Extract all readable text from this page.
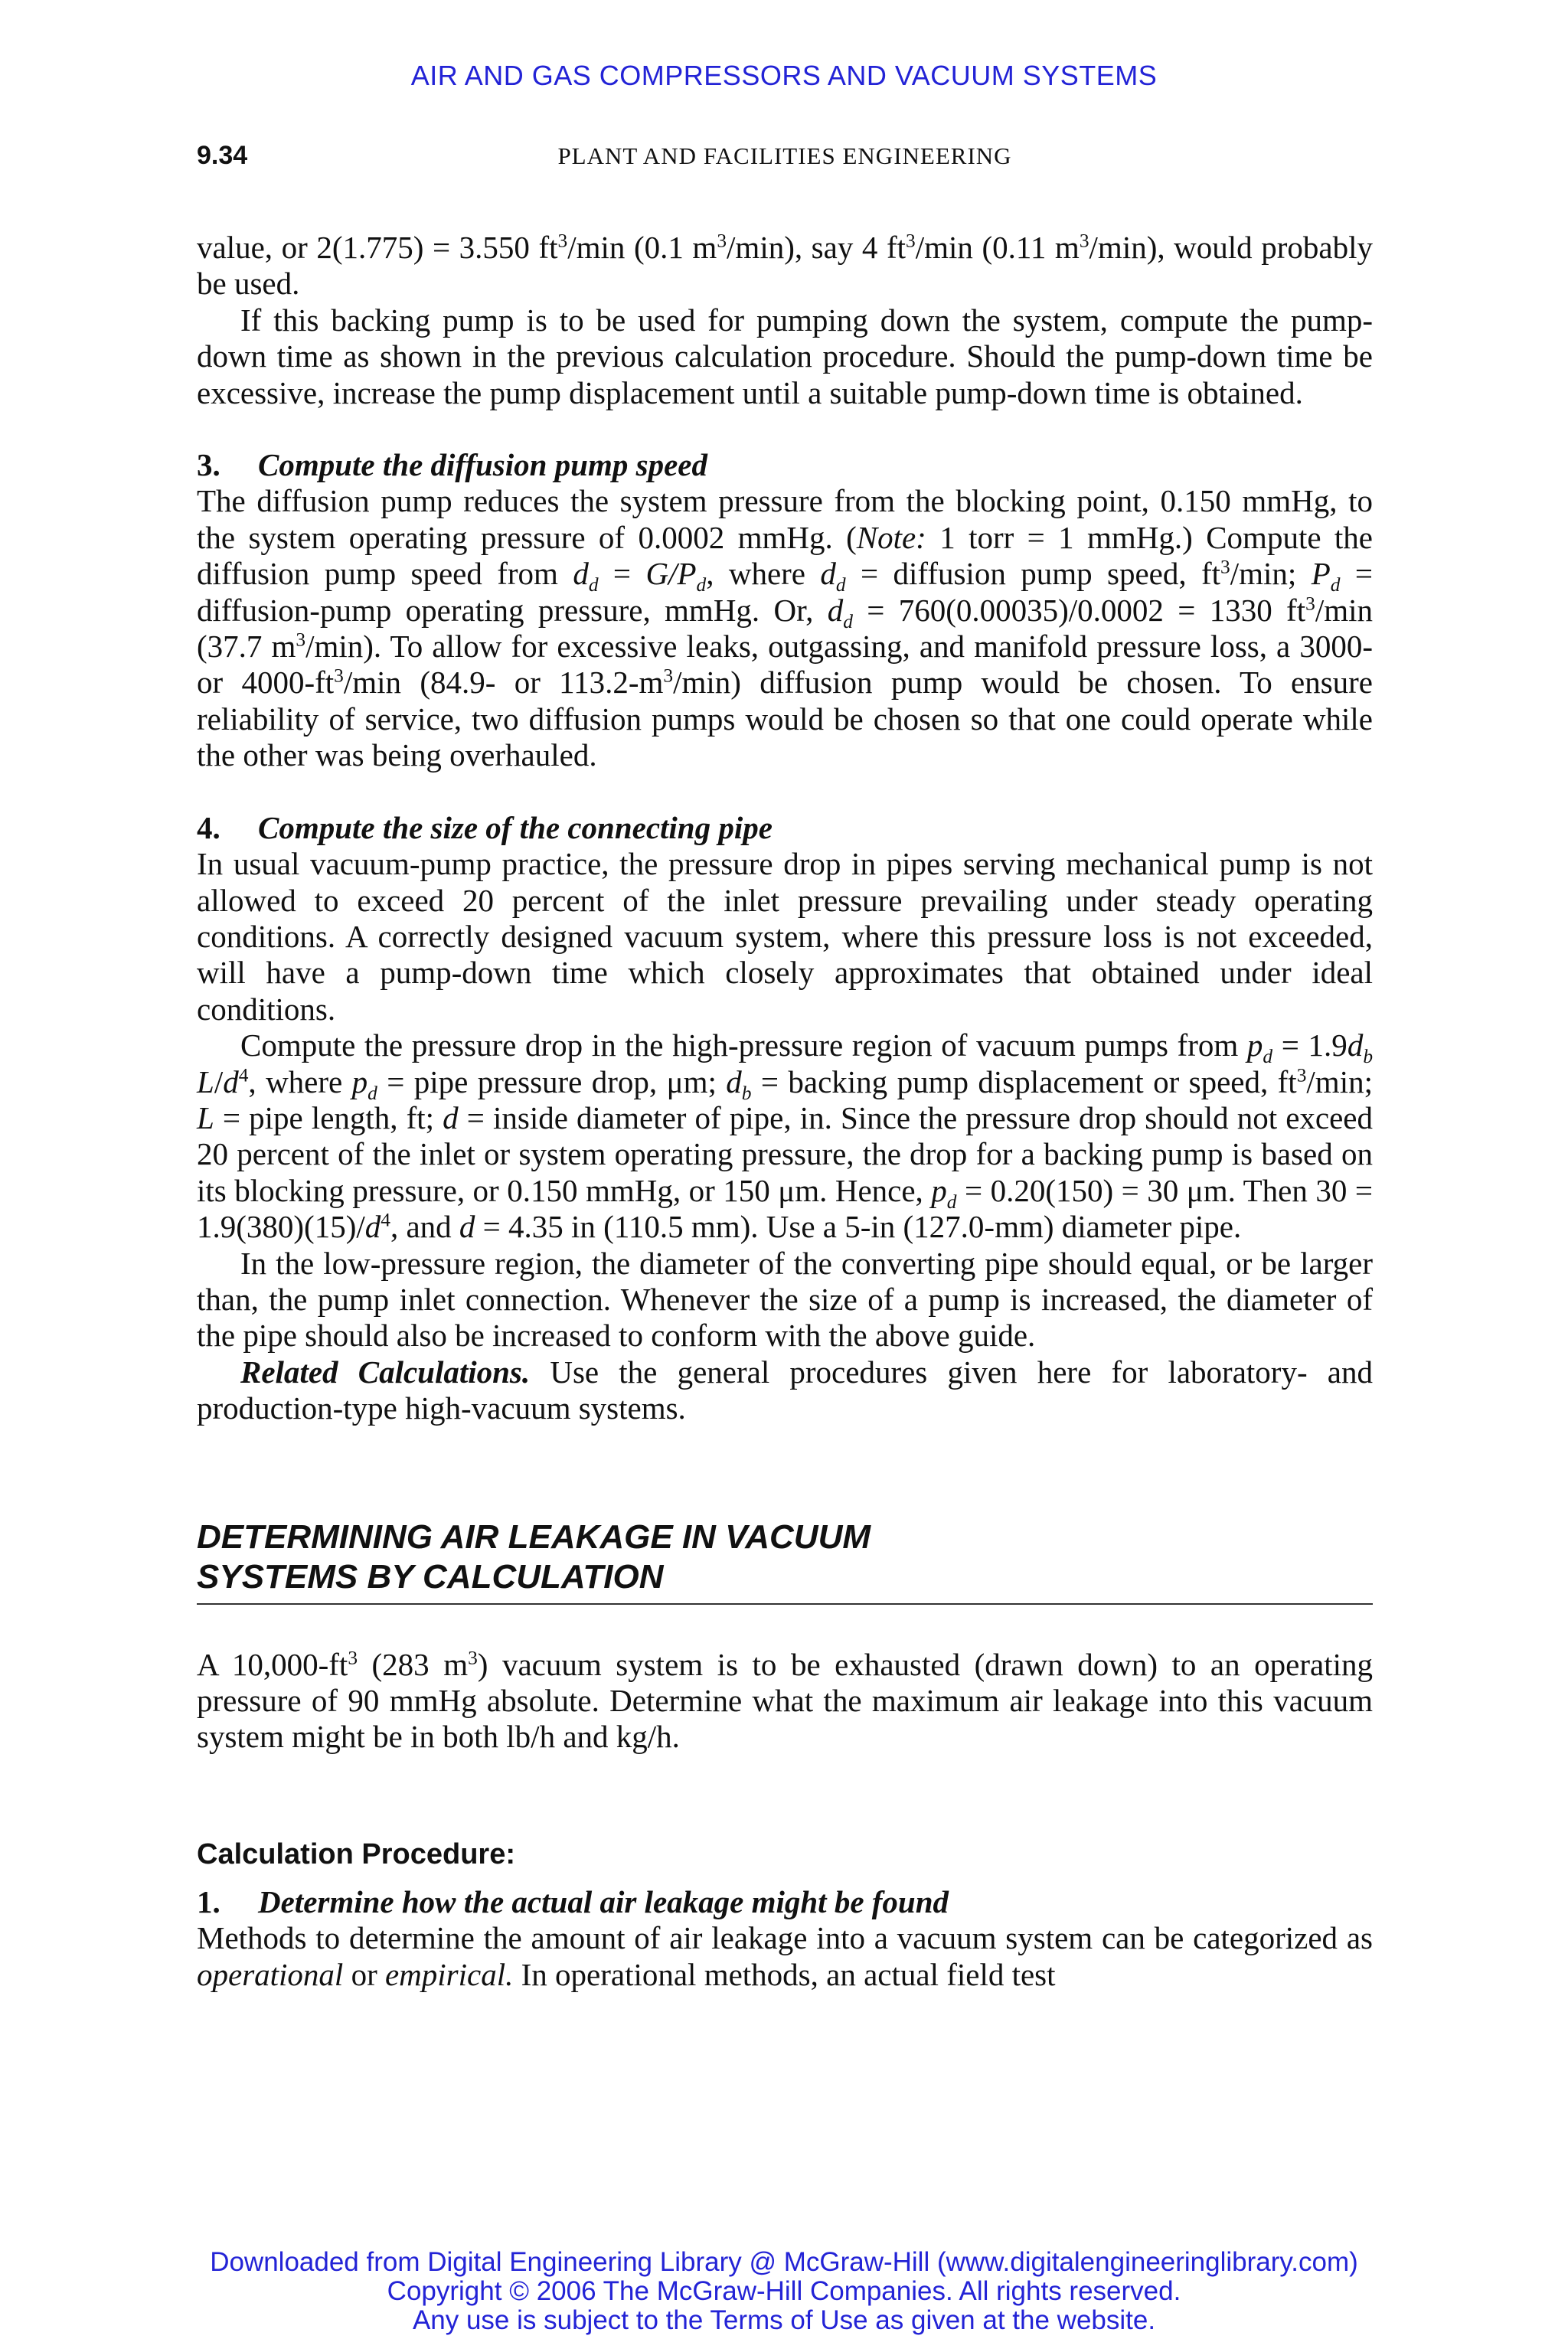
AIR AND GAS COMPRESSORS AND VACUUM SYSTEMS
9.34	PLANT AND FACILITIES ENGINEERING

value, or 2(1.775) = 3.550 $ft^3/\min$ (0.1 $m^3/\min$), say 4 $ft^3/\min$ (0.11 $m^3/\min$), would probably be used.

If this backing pump is to be used for pumping down the system, compute the pump-down time as shown in the previous calculation procedure. Should the pump-down time be excessive, increase the pump displacement until a suitable pump-down time is obtained.

3. Compute the diffusion pump speed

The diffusion pump reduces the system pressure from the blocking point, 0.150 mmHg, to the system operating pressure of 0.0002 mmHg. (Note: 1 torr = 1 mmHg.) Compute the diffusion pump speed from $d_d = G/P_d$, where $d_d$ = diffusion pump speed, $ft^3/\min$; $P_d$ = diffusion-pump operating pressure, mmHg. Or, $d_d = 760(0.00035)/0.0002 = 1330$ $ft^3/\min$ (37.7 $m^3/\min$). To allow for excessive leaks, outgassing, and manifold pressure loss, a 3000- or $4000-ft^3/\min$ (84.9- or $113.2-m^3/\min$) diffusion pump would be chosen. To ensure reliability of service, two diffusion pumps would be chosen so that one could operate while the other was being overhauled.

4. Compute the size of the connecting pipe

In usual vacuum-pump practice, the pressure drop in pipes serving mechanical pump is not allowed to exceed 20 percent of the inlet pressure prevailing under steady operating conditions. A correctly designed vacuum system, where this pressure loss is not exceeded, will have a pump-down time which closely approximates that obtained under ideal conditions.

Compute the pressure drop in the high-pressure region of vacuum pumps from $p_d = 1.9d_b$ $L/d^4$, where $p_d$ = pipe pressure drop, μm; $d_b$ = backing pump displacement or speed, $ft^3/\min$; L = pipe length, ft; d = inside diameter of pipe, in. Since the pressure drop should not exceed 20 percent of the inlet or system operating pressure, the drop for a backing pump is based on its blocking pressure, or 0.150 mmHg, or 150 μm. Hence, $p_d = 0.20(150) = 30$ μm. Then $30 = 1.9(380)(15)/d^4$, and d = 4.35 in (110.5 mm). Use a 5-in (127.0-mm) diameter pipe.

In the low-pressure region, the diameter of the converting pipe should equal, or be larger than, the pump inlet connection. Whenever the size of a pump is increased, the diameter of the pipe should also be increased to conform with the above guide.

Related Calculations. Use the general procedures given here for laboratory- and production-type high-vacuum systems.

DETERMINING AIR LEAKAGE IN VACUUM
SYSTEMS BY CALCULATION

A $10,000-ft^3$ (283 $m^3$) vacuum system is to be exhausted (drawn down) to an operating pressure of 90 mmHg absolute. Determine what the maximum air leakage into this vacuum system might be in both lb/h and kg/h.

Calculation Procedure:

1. Determine how the actual air leakage might be found

Methods to determine the amount of air leakage into a vacuum system can be categorized as operational or empirical. In operational methods, an actual field test

Downloaded from Digital Engineering Library @ McGraw-Hill (www.digitalengineeringlibrary.com)
Copyright © 2006 The McGraw-Hill Companies. All rights reserved.
Any use is subject to the Terms of Use as given at the website.
